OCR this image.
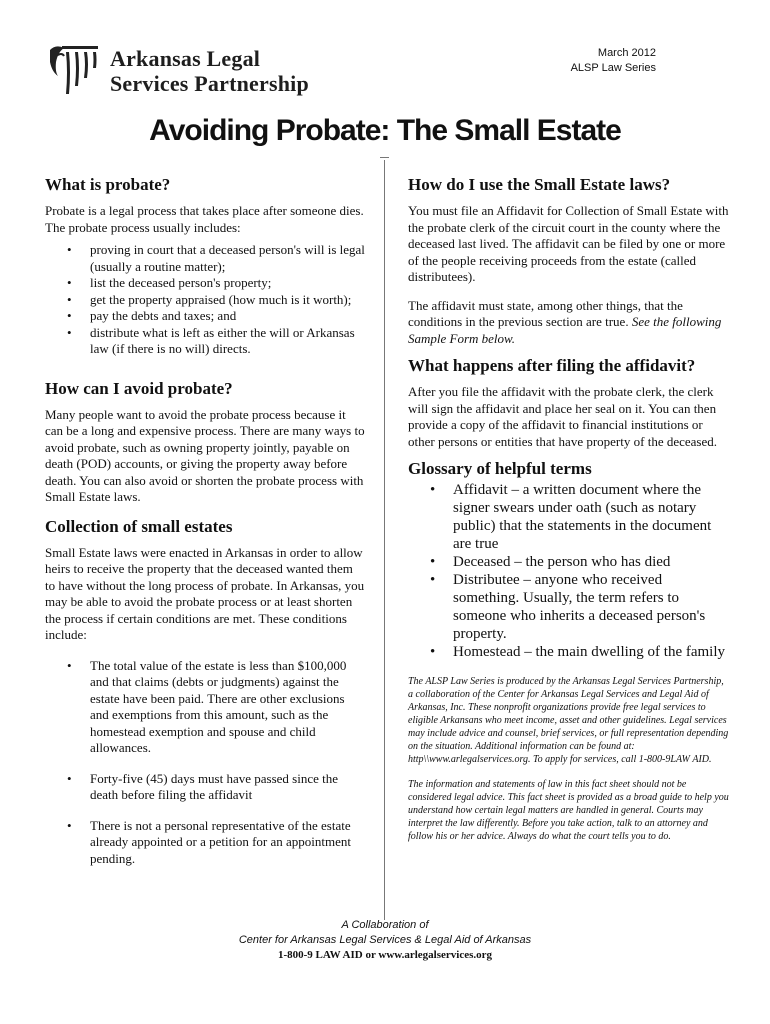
Arkansas Legal
Services Partnership
March 2012
ALSP Law Series
Avoiding Probate: The Small Estate
What is probate?

Probate is a legal process that takes place after someone dies. The probate process usually includes:

• proving in court that a deceased person's will is legal (usually a routine matter);
• list the deceased person's property;
• get the property appraised (how much is it worth);
• pay the debts and taxes; and
• distribute what is left as either the will or Arkansas law (if there is no will) directs.
How can I avoid probate?

Many people want to avoid the probate process because it can be a long and expensive process. There are many ways to avoid probate, such as owning property jointly, payable on death (POD) accounts, or giving the property away before death. You can also avoid or shorten the probate process with Small Estate laws.

Collection of small estates

Small Estate laws were enacted in Arkansas in order to allow heirs to receive the property that the deceased wanted them to have without the long process of probate. In Arkansas, you may be able to avoid the probate process or at least shorten the process if certain conditions are met. These conditions include:

• The total value of the estate is less than $100,000 and that claims (debts or judgments) against the estate have been paid. There are other exclusions and exemptions from this amount, such as the homestead exemption and spouse and child allowances.
• Forty-five (45) days must have passed since the death before filing the affidavit
• There is not a personal representative of the estate already appointed or a petition for an appointment pending.
How do I use the Small Estate laws?

You must file an Affidavit for Collection of Small Estate with the probate clerk of the circuit court in the county where the deceased last lived. The affidavit can be filed by one or more of the people receiving proceeds from the estate (called distributees).

The affidavit must state, among other things, that the conditions in the previous section are true. See the following Sample Form below.

What happens after filing the affidavit?

After you file the affidavit with the probate clerk, the clerk will sign the affidavit and place her seal on it. You can then provide a copy of the affidavit to financial institutions or other persons or entities that have property of the deceased.

Glossary of helpful terms
• Affidavit – a written document where the signer swears under oath (such as notary public) that the statements in the document are true
• Deceased – the person who has died
• Distributee – anyone who received something. Usually, the term refers to someone who inherits a deceased person's property.
• Homestead – the main dwelling of the family

The ALSP Law Series is produced by the Arkansas Legal Services Partnership, a collaboration of the Center for Arkansas Legal Services and Legal Aid of Arkansas, Inc. These nonprofit organizations provide free legal services to eligible Arkansans who meet income, asset and other guidelines. Legal services may include advice and counsel, brief services, or full representation depending on the situation. Additional information can be found at: http\\www.arlegalservices.org. To apply for services, call 1-800-9LAW AID.

The information and statements of law in this fact sheet should not be considered legal advice. This fact sheet is provided as a broad guide to help you understand how certain legal matters are handled in general. Courts may interpret the law differently. Before you take action, talk to an attorney and follow his or her advice. Always do what the court tells you to do.

A Collaboration of
Center for Arkansas Legal Services & Legal Aid of Arkansas
1-800-9 LAW AID or www.arlegalservices.org
